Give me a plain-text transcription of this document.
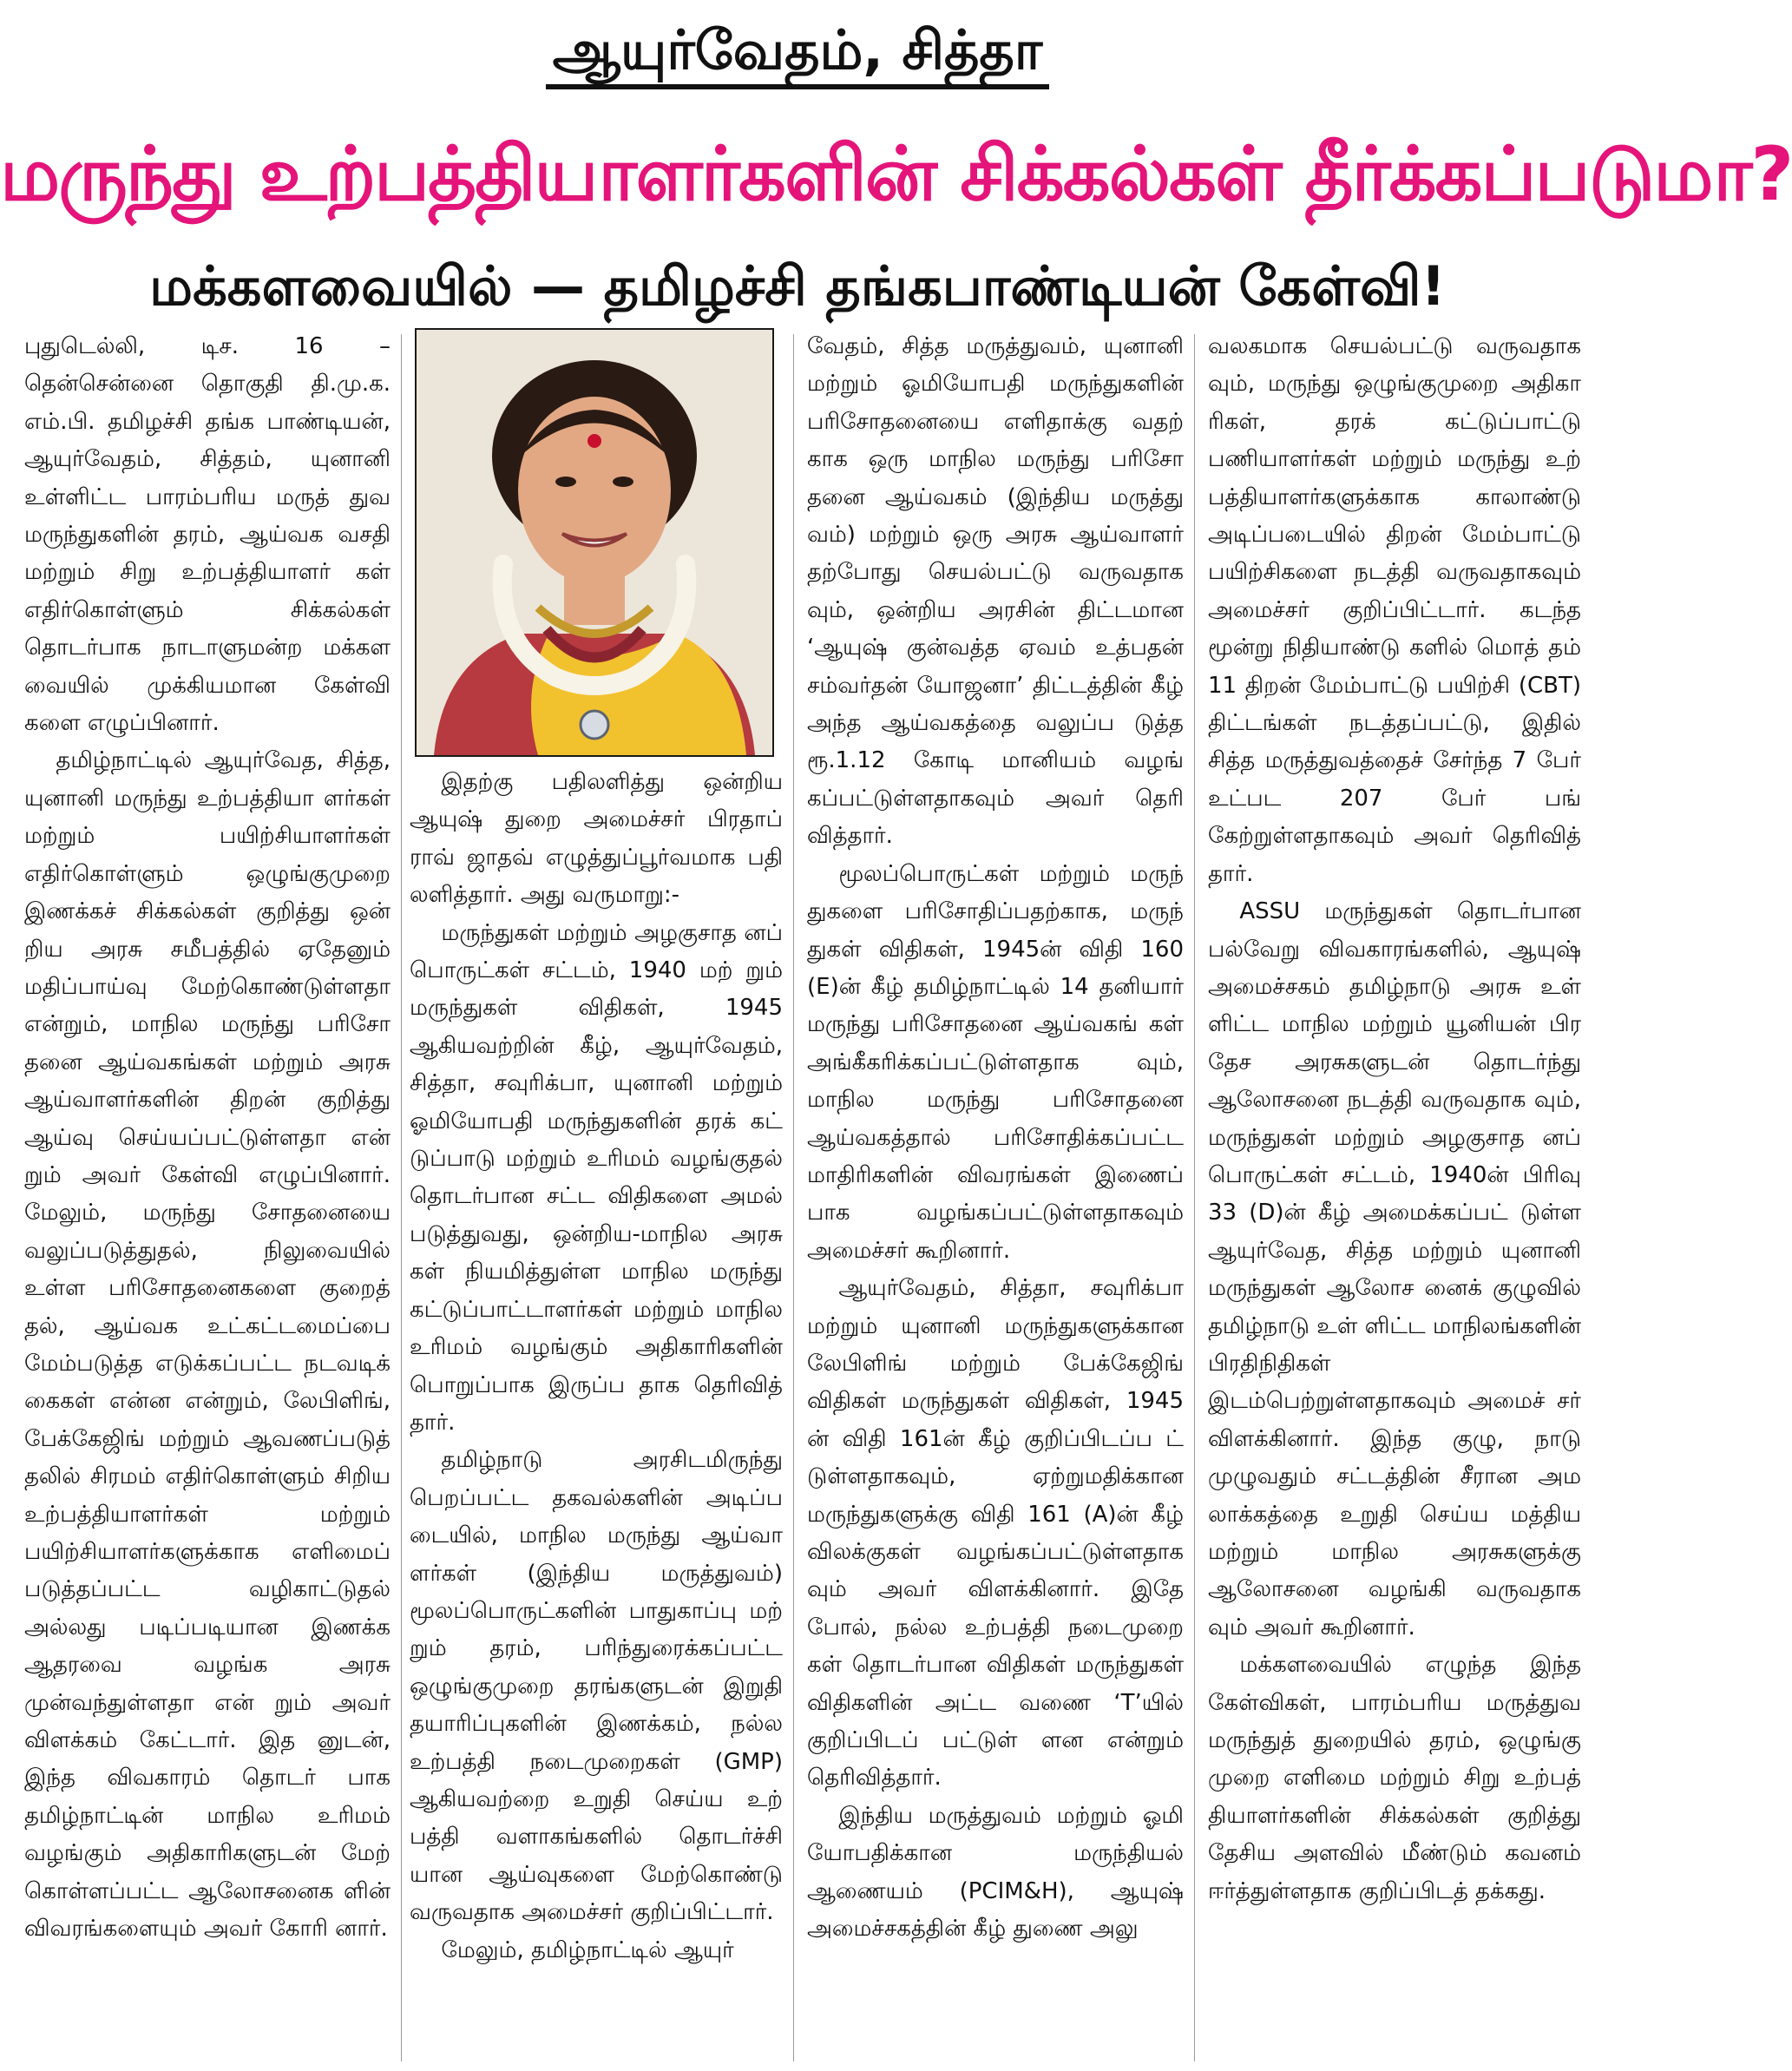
ஆயுர்வேதம், சித்தா
மருந்து உற்பத்தியாளர்களின் சிக்கல்கள் தீர்க்கப்படுமா?
மக்களவையில் — தமிழச்சி தங்கபாண்டியன் கேள்வி!

புதுடெல்லி, டிச. 16 – தென்சென்னை தொகுதி தி.மு.க. எம்.பி. தமிழச்சி தங்க பாண்டியன், ஆயுர்வேதம், சித்தம், யுனானி உள்ளிட்ட பாரம்பரிய மருத் துவ மருந்துகளின் தரம், ஆய்வக வசதி மற்றும் சிறு உற்பத்தியாளர் கள் எதிர்கொள்ளும் சிக்கல்கள் தொடர்பாக நாடாளுமன்ற மக்கள வையில் முக்கியமான கேள்வி களை எழுப்பினார்.

தமிழ்நாட்டில் ஆயுர்வேத, சித்த, யுனானி மருந்து உற்பத்தியா ளர்கள் மற்றும் பயிற்சியாளர்கள் எதிர்கொள்ளும் ஒழுங்குமுறை இணக்கச் சிக்கல்கள் குறித்து ஒன் றிய அரசு சமீபத்தில் ஏதேனும் மதிப்பாய்வு மேற்கொண்டுள்ளதா என்றும், மாநில மருந்து பரிசோ தனை ஆய்வகங்கள் மற்றும் அரசு ஆய்வாளர்களின் திறன் குறித்து ஆய்வு செய்யப்பட்டுள்ளதா என் றும் அவர் கேள்வி எழுப்பினார். மேலும், மருந்து சோதனையை வலுப்படுத்துதல், நிலுவையில் உள்ள பரிசோதனைகளை குறைத் தல், ஆய்வக உட்கட்டமைப்பை மேம்படுத்த எடுக்கப்பட்ட நடவடிக் கைகள் என்ன என்றும், லேபிளிங், பேக்கேஜிங் மற்றும் ஆவணப்படுத் தலில் சிரமம் எதிர்கொள்ளும் சிறிய உற்பத்தியாளர்கள் மற்றும் பயிற்சியாளர்களுக்காக எளிமைப் படுத்தப்பட்ட வழிகாட்டுதல் அல்லது படிப்படியான இணக்க ஆதரவை வழங்க அரசு முன்வந்துள்ளதா என் றும் அவர் விளக்கம் கேட்டார். இத னுடன், இந்த விவகாரம் தொடர் பாக தமிழ்நாட்டின் மாநில உரிமம் வழங்கும் அதிகாரிகளுடன் மேற் கொள்ளப்பட்ட ஆலோசனைக ளின் விவரங்களையும் அவர் கோரி னார்.

இதற்கு பதிலளித்து ஒன்றிய ஆயுஷ் துறை அமைச்சர் பிரதாப் ராவ் ஜாதவ் எழுத்துப்பூர்வமாக பதி லளித்தார். அது வருமாறு:-

மருந்துகள் மற்றும் அழகுசாத னப் பொருட்கள் சட்டம், 1940 மற் றும் மருந்துகள் விதிகள், 1945 ஆகியவற்றின் கீழ், ஆயுர்வேதம், சித்தா, சவுரிக்பா, யுனானி மற்றும் ஓமியோபதி மருந்துகளின் தரக் கட் டுப்பாடு மற்றும் உரிமம் வழங்குதல் தொடர்பான சட்ட விதிகளை அமல் படுத்துவது, ஒன்றிய-மாநில அரசு கள் நியமித்துள்ள மாநில மருந்து கட்டுப்பாட்டாளர்கள் மற்றும் மாநில உரிமம் வழங்கும் அதிகாரிகளின் பொறுப்பாக இருப்ப தாக தெரிவித் தார்.

தமிழ்நாடு அரசிடமிருந்து பெறப்பட்ட தகவல்களின் அடிப்ப டையில், மாநில மருந்து ஆய்வா ளர்கள் (இந்திய மருத்துவம்) மூலப்பொருட்களின் பாதுகாப்பு மற் றும் தரம், பரிந்துரைக்கப்பட்ட ஒழுங்குமுறை தரங்களுடன் இறுதி தயாரிப்புகளின் இணக்கம், நல்ல உற்பத்தி நடைமுறைகள் (GMP) ஆகியவற்றை உறுதி செய்ய உற் பத்தி வளாகங்களில் தொடர்ச்சி யான ஆய்வுகளை மேற்கொண்டு வருவதாக அமைச்சர் குறிப்பிட்டார்.

மேலும், தமிழ்நாட்டில் ஆயுர்

வேதம், சித்த மருத்துவம், யுனானி மற்றும் ஓமியோபதி மருந்துகளின் பரிசோதனையை எளிதாக்கு வதற் காக ஒரு மாநில மருந்து பரிசோ தனை ஆய்வகம் (இந்திய மருத்து வம்) மற்றும் ஒரு அரசு ஆய்வாளர் தற்போது செயல்பட்டு வருவதாக வும், ஒன்றிய அரசின் திட்டமான ‘ஆயுஷ் குன்வத்த ஏவம் உத்பதன் சம்வர்தன் யோஜனா’ திட்டத்தின் கீழ் அந்த ஆய்வகத்தை வலுப்ப டுத்த ரூ.1.12 கோடி மானியம் வழங் கப்பட்டுள்ளதாகவும் அவர் தெரி வித்தார்.

மூலப்பொருட்கள் மற்றும் மருந் துகளை பரிசோதிப்பதற்காக, மருந் துகள் விதிகள், 1945ன் விதி 160 (E)ன் கீழ் தமிழ்நாட்டில் 14 தனியார் மருந்து பரிசோதனை ஆய்வகங் கள் அங்கீகரிக்கப்பட்டுள்ளதாக வும், மாநில மருந்து பரிசோதனை ஆய்வகத்தால் பரிசோதிக்கப்பட்ட மாதிரிகளின் விவரங்கள் இணைப் பாக வழங்கப்பட்டுள்ளதாகவும் அமைச்சர் கூறினார்.

ஆயுர்வேதம், சித்தா, சவுரிக்பா மற்றும் யுனானி மருந்துகளுக்கான லேபிளிங் மற்றும் பேக்கேஜிங் விதிகள் மருந்துகள் விதிகள், 1945 ன் விதி 161ன் கீழ் குறிப்பிடப்ப ட் டுள்ளதாகவும், ஏற்றுமதிக்கான மருந்துகளுக்கு விதி 161 (A)ன் கீழ் விலக்குகள் வழங்கப்பட்டுள்ளதாக வும் அவர் விளக்கினார். இதே போல், நல்ல உற்பத்தி நடைமுறை கள் தொடர்பான விதிகள் மருந்துகள் விதிகளின் அட்ட வணை ‘T’யில் குறிப்பிடப் பட்டுள் ளன என்றும் தெரிவித்தார்.

இந்திய மருத்துவம் மற்றும் ஓமி யோபதிக்கான மருந்தியல் ஆணையம் (PCIM&H), ஆயுஷ் அமைச்சகத்தின் கீழ் துணை அலு

வலகமாக செயல்பட்டு வருவதாக வும், மருந்து ஒழுங்குமுறை அதிகா ரிகள், தரக் கட்டுப்பாட்டு பணியாளர்கள் மற்றும் மருந்து உற் பத்தியாளர்களுக்காக காலாண்டு அடிப்படையில் திறன் மேம்பாட்டு பயிற்சிகளை நடத்தி வருவதாகவும் அமைச்சர் குறிப்பிட்டார். கடந்த மூன்று நிதியாண்டு களில் மொத் தம் 11 திறன் மேம்பாட்டு பயிற்சி (CBT) திட்டங்கள் நடத்தப்பட்டு, இதில் சித்த மருத்துவத்தைச் சேர்ந்த 7 பேர் உட்பட 207 பேர் பங் கேற்றுள்ளதாகவும் அவர் தெரிவித் தார்.

ASSU மருந்துகள் தொடர்பான பல்வேறு விவகாரங்களில், ஆயுஷ் அமைச்சகம் தமிழ்நாடு அரசு உள் ளிட்ட மாநில மற்றும் யூனியன் பிர தேச அரசுகளுடன் தொடர்ந்து ஆலோசனை நடத்தி வருவதாக வும், மருந்துகள் மற்றும் அழகுசாத னப் பொருட்கள் சட்டம், 1940ன் பிரிவு 33 (D)ன் கீழ் அமைக்கப்பட் டுள்ள ஆயுர்வேத, சித்த மற்றும் யுனானி மருந்துகள் ஆலோச னைக் குழுவில் தமிழ்நாடு உள் ளிட்ட மாநிலங்களின் பிரதிநிதிகள் இடம்பெற்றுள்ளதாகவும் அமைச் சர் விளக்கினார். இந்த குழு, நாடு முழுவதும் சட்டத்தின் சீரான அம லாக்கத்தை உறுதி செய்ய மத்திய மற்றும் மாநில அரசுகளுக்கு ஆலோசனை வழங்கி வருவதாக வும் அவர் கூறினார்.

மக்களவையில் எழுந்த இந்த கேள்விகள், பாரம்பரிய மருத்துவ மருந்துத் துறையில் தரம், ஒழுங்கு முறை எளிமை மற்றும் சிறு உற்பத் தியாளர்களின் சிக்கல்கள் குறித்து தேசிய அளவில் மீண்டும் கவனம் ஈர்த்துள்ளதாக குறிப்பிடத் தக்கது.
